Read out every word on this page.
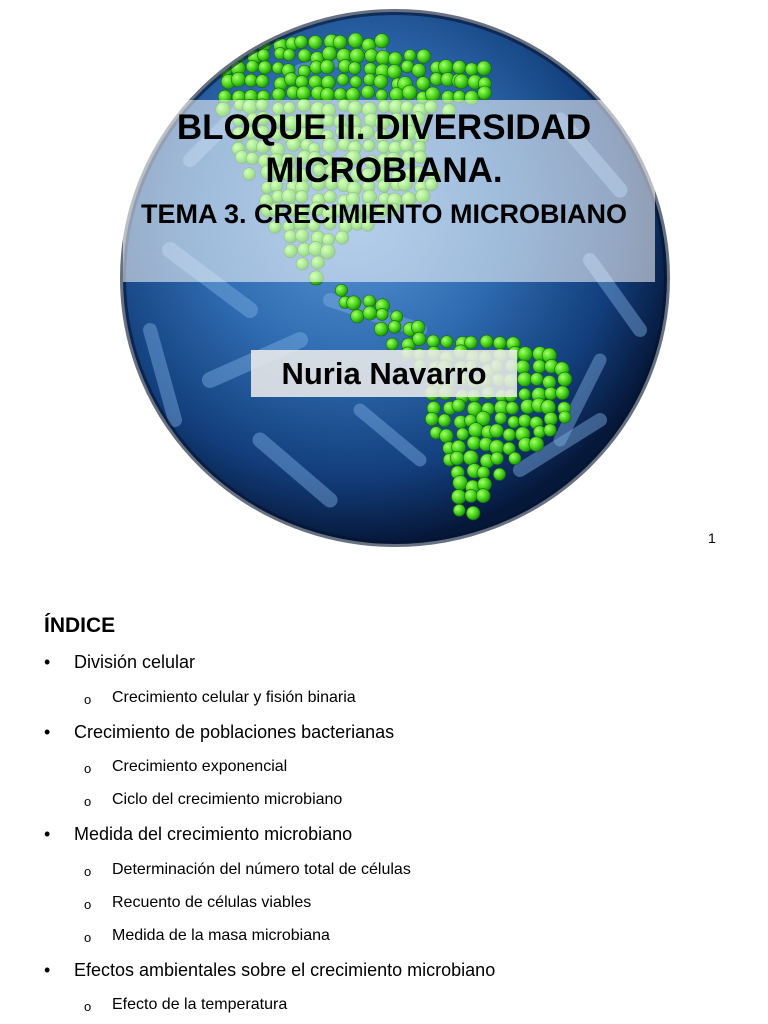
BLOQUE II. DIVERSIDAD
MICROBIANA.
TEMA 3. CRECIMIENTO MICROBIANO
Nuria Navarro
1
ÍNDICE
• División celular
o Crecimiento celular y fisión binaria
• Crecimiento de poblaciones bacterianas
o Crecimiento exponencial
o Ciclo del crecimiento microbiano
• Medida del crecimiento microbiano
o Determinación del número total de células
o Recuento de células viables
o Medida de la masa microbiana
• Efectos ambientales sobre el crecimiento microbiano
o Efecto de la temperatura
